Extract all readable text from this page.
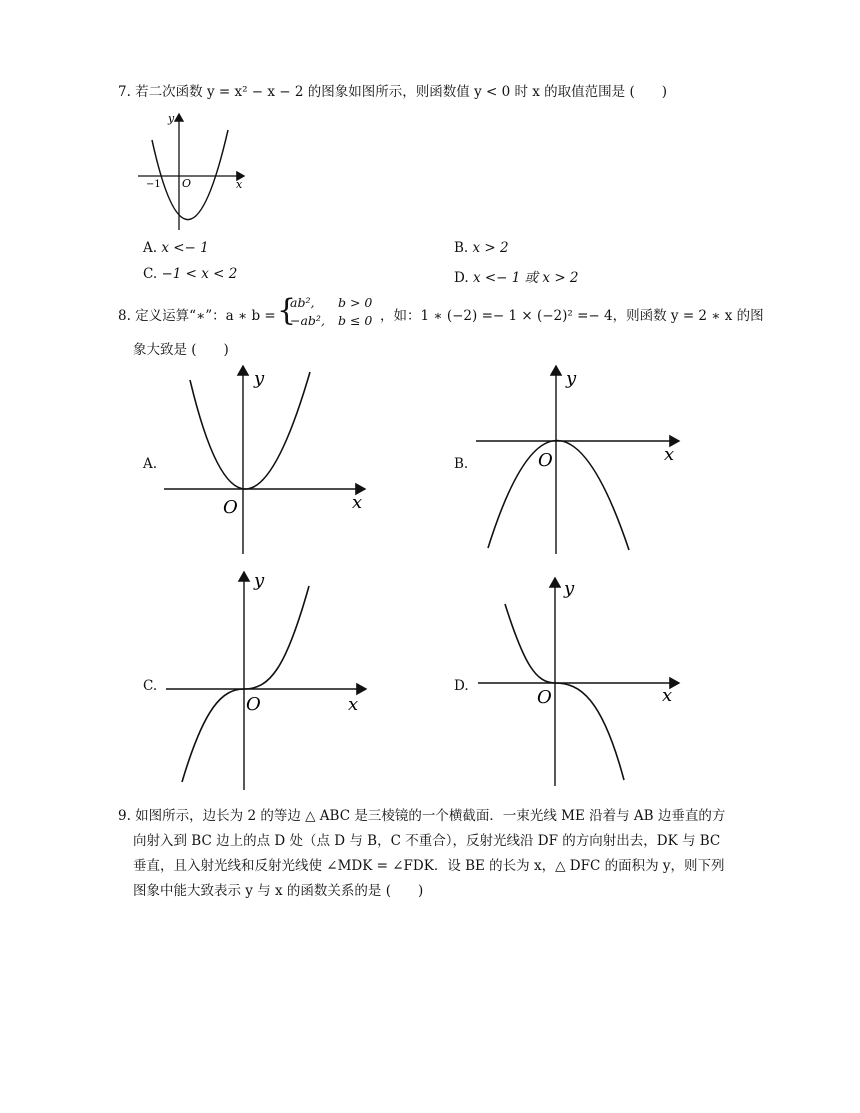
7. 若二次函数 y = x² − x − 2 的图象如图所示，则函数值 y < 0 时 x 的取值范围是 (　　)
y
x
O
−1
A. x <− 1	B. x > 2
C. −1 < x < 2	D. x <− 1 或 x > 2
8. 定义运算“∗”：a ∗ b = {
ab², b > 0
−ab², b ≤ 0 ，如：1 ∗ (−2) =− 1 × (−2)² =− 4，则函数 y = 2 ∗ x 的图
象大致是 (　　)
A.
y
x
O
B.
y
x
O
C.
y
x
O
D.
y
x
O
9. 如图所示，边长为 2 的等边 △ ABC 是三棱镜的一个横截面．一束光线 ME 沿着与 AB 边垂直的方
向射入到 BC 边上的点 D 处（点 D 与 B，C 不重合），反射光线沿 DF 的方向射出去，DK 与 BC
垂直，且入射光线和反射光线使 ∠MDK = ∠FDK．设 BE 的长为 x，△ DFC 的面积为 y，则下列
图象中能大致表示 y 与 x 的函数关系的是 (　　)
